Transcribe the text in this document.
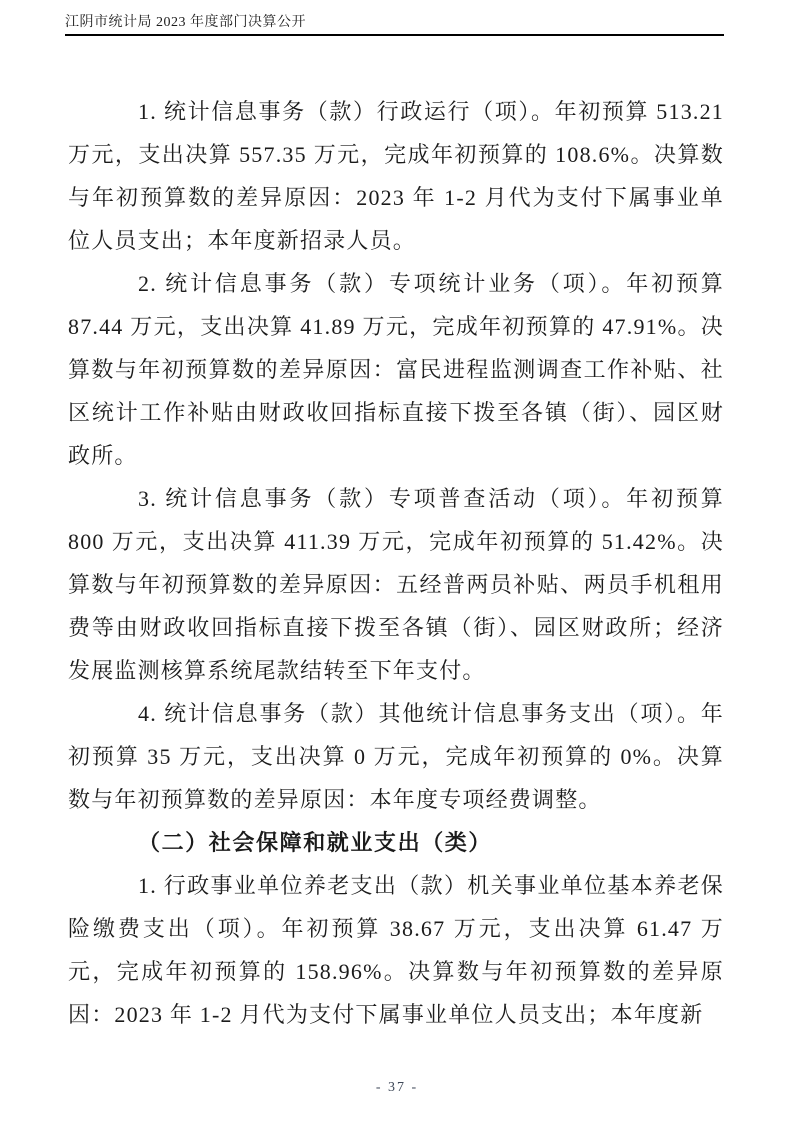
江阴市统计局 2023 年度部门决算公开

1. 统计信息事务（款）行政运行（项）。年初预算 513.21 万元，支出决算 557.35 万元，完成年初预算的 108.6%。决算数与年初预算数的差异原因：2023 年 1-2 月代为支付下属事业单位人员支出；本年度新招录人员。

2. 统计信息事务（款）专项统计业务（项）。年初预算 87.44 万元，支出决算 41.89 万元，完成年初预算的 47.91%。决算数与年初预算数的差异原因：富民进程监测调查工作补贴、社区统计工作补贴由财政收回指标直接下拨至各镇（街）、园区财政所。

3. 统计信息事务（款）专项普查活动（项）。年初预算 800 万元，支出决算 411.39 万元，完成年初预算的 51.42%。决算数与年初预算数的差异原因：五经普两员补贴、两员手机租用费等由财政收回指标直接下拨至各镇（街）、园区财政所；经济发展监测核算系统尾款结转至下年支付。

4. 统计信息事务（款）其他统计信息事务支出（项）。年初预算 35 万元，支出决算 0 万元，完成年初预算的 0%。决算数与年初预算数的差异原因：本年度专项经费调整。

（二）社会保障和就业支出（类）

1. 行政事业单位养老支出（款）机关事业单位基本养老保险缴费支出（项）。年初预算 38.67 万元，支出决算 61.47 万元，完成年初预算的 158.96%。决算数与年初预算数的差异原因：2023 年 1-2 月代为支付下属事业单位人员支出；本年度新

- 37 -
